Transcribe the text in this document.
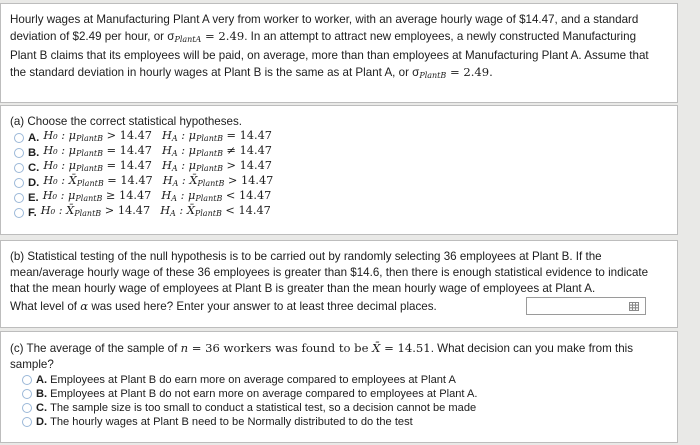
Hourly wages at Manufacturing Plant A very from worker to worker, with an average hourly wage of $14.47, and a standard

deviation of $2.49 per hour, or $\sigma_{PlantA} = 2.49$. In an attempt to attract new employees, a newly constructed Manufacturing

Plant B claims that its employees will be paid, on average, more than than employees at Manufacturing Plant A. Assume that

the standard deviation in hourly wages at Plant B is the same as at Plant A, or $\sigma_{PlantB} = 2.49$.

(a) Choose the correct statistical hypotheses.

A. H₀ : $\mu_{PlantB} > 14.47$ $H_A$ : $\mu_{PlantB} = 14.47$
B. H₀ : $\mu_{PlantB} = 14.47$ $H_A$ : $\mu_{PlantB} \ne 14.47$
C. H₀ : $\mu_{PlantB} = 14.47$ $H_A$ : $\mu_{PlantB} > 14.47$
D. H₀ : $X̄_{PlantB} = 14.47$ $H_A$ : $X̄_{PlantB} > 14.47$
E. H₀ : $\mu_{PlantB} \ge 14.47$ $H_A$ : $\mu_{PlantB} < 14.47$
F. H₀ : $X̄_{PlantB} > 14.47$ $H_A$ : $X̄_{PlantB} < 14.47$

(b) Statistical testing of the null hypothesis is to be carried out by randomly selecting 36 employees at Plant B. If the

mean/average hourly wage of these 36 employees is greater than $14.6, then there is enough statistical evidence to indicate

that the mean hourly wage of employees at Plant B is greater than the mean hourly wage of employees at Plant A.

What level of α was used here? Enter your answer to at least three decimal places.

(c) The average of the sample of n = 36 workers was found to be X̄ = 14.51. What decision can you make from this sample?

A. Employees at Plant B do earn more on average compared to employees at Plant A
B. Employees at Plant B do not earn more on average compared to employees at Plant A.
C. The sample size is too small to conduct a statistical test, so a decision cannot be made
D. The hourly wages at Plant B need to be Normally distributed to do the test
